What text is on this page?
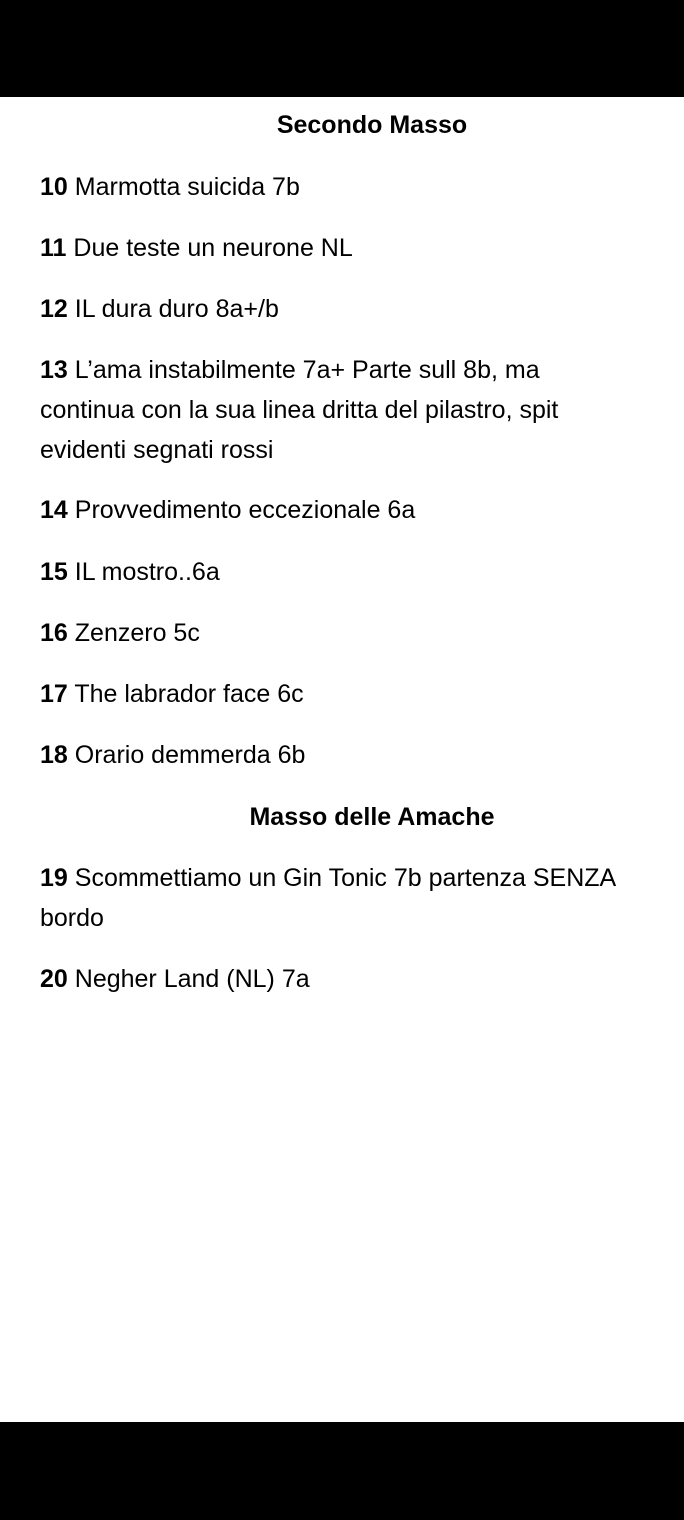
Secondo Masso

10 Marmotta suicida 7b

11 Due teste un neurone NL

12 IL dura duro 8a+/b

13 L’ama instabilmente 7a+ Parte sull 8b, ma continua con la sua linea dritta del pilastro, spit evidenti segnati rossi

14 Provvedimento eccezionale 6a

15 IL mostro..6a

16 Zenzero 5c

17 The labrador face 6c

18 Orario demmerda 6b

Masso delle Amache

19 Scommettiamo un Gin Tonic 7b partenza SENZA bordo

20 Negher Land (NL) 7a
